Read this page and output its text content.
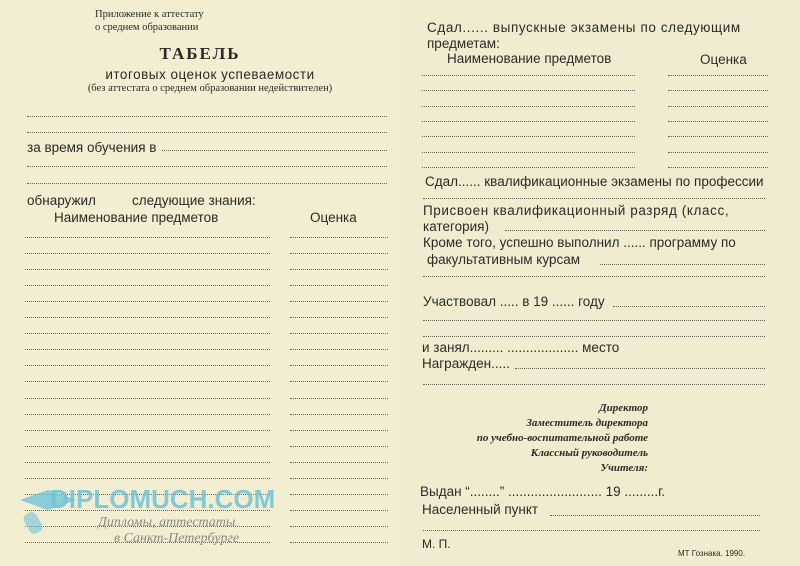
Приложение к аттестату
о среднем образовании
ТАБЕЛЬ
итоговых оценок успеваемости
(без аттестата о среднем образовании недействителен)
за время обучения в
обнаружил	следующие знания:
Наименование предметов	Оценка
DIPLOMUCH.COM
Дипломы, аттестаты
в Санкт-Петербурге
Сдал...... выпускные экзамены по следующим
предметам:
Наименование предметов	Оценка
Сдал...... квалификационные экзамены по профессии
Присвоен квалификационный разряд (класс,
категория)
Кроме того, успешно выполнил ...... программу по
факультативным курсам
Участвовал ..... в 19 ...... году
и занял......... ................... место
Награжден.....
Директор
Заместитель директора
по учебно-воспитательной работе
Классный руководитель
Учителя:
Выдан “........” ......................... 19 .........г.
Населенный пункт
М. П.
МТ Гознака. 1990.
